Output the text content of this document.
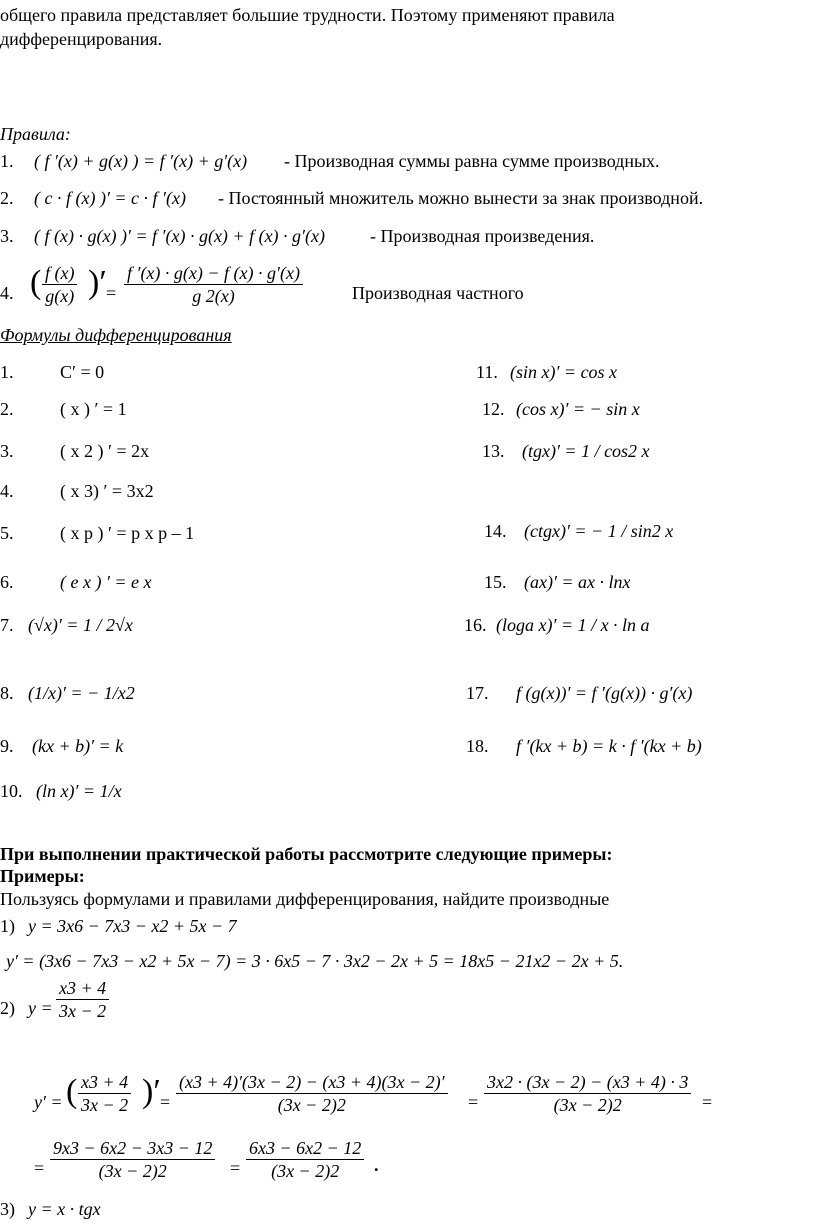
общего правила представляет большие трудности. Поэтому применяют правила
дифференцирования.
Правила:
1. ( f ′(x) + g(x) ) = f ′(x) + g′(x) - Производная суммы равна сумме производных.
2. ( c · f (x) )′ = c · f ′(x) - Постоянный множитель можно вынести за знак производной.
3. ( f (x) · g(x) )′ = f ′(x) · g(x) + f (x) · g′(x)	- Производная произведения.
4. ( f (x)
g(x) )′ =
f ′(x) · g(x) − f (x) · g′(x)
g 2(x)	Производная частного
Формулы дифференцирования
1.	C′ = 0
2.	( x ) ′ = 1
3.	( x 2 ) ′ = 2x
4.	( x 3) ′ = 3x2
5.	( x p ) ′ = p x p – 1
6.	( e x ) ′ = e x
7. (√x)′ = 1 / 2√x
8. (1/x)′ = − 1/x2
9. (kx + b)′ = k
10. (ln x)′ = 1/x
11. (sin x)′ = cos x
12. (cos x)′ = − sin x
13. (tgx)′ = 1 / cos2 x
14. (ctgx)′ = − 1 / sin2 x
15. (ax)′ = ax · lnx
16. (loga x)′ = 1 / x · ln a
17. f (g(x))′ = f ′(g(x)) · g′(x)
18. f ′(kx + b) = k · f ′(kx + b)
При выполнении практической работы рассмотрите следующие примеры:
Примеры:
Пользуясь формулами и правилами дифференцирования, найдите производные
1) y = 3x6 − 7x3 − x2 + 5x − 7
y′ = (3x6 − 7x3 − x2 + 5x − 7) = 3 · 6x5 − 7 · 3x2 − 2x + 5 = 18x5 − 21x2 − 2x + 5.
2) y =
x3 + 4
3x − 2
y′ = ( x3 + 4
3x − 2 )′ =
(x3 + 4)′(3x − 2) − (x3 + 4)(3x − 2)′
(3x − 2)2	=
3x2 · (3x − 2) − (x3 + 4) · 3
(3x − 2)2	=
=
9x3 − 6x2 − 3x3 − 12
(3x − 2)2	=
6x3 − 6x2 − 12
(3x − 2)2 .
3) y = x · tgx
